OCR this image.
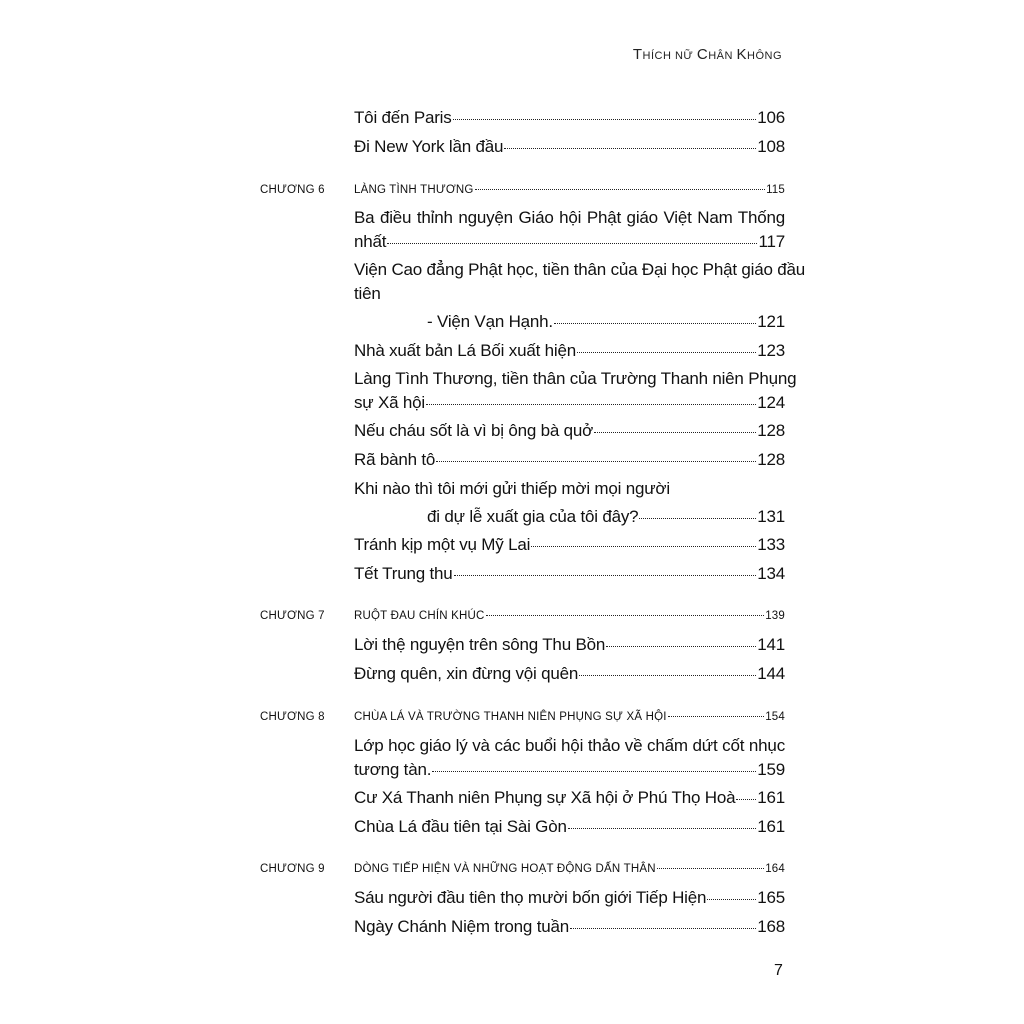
THÍCH NỮ CHÂN KHÔNG
Tôi đến Paris	106
Đi New York lần đầu	108
CHƯƠNG 6	LÀNG TÌNH THƯƠNG	115
Ba điều thỉnh nguyện Giáo hội Phật giáo Việt Nam Thống
nhất	117
Viện Cao đẳng Phật học, tiền thân của Đại học Phật giáo đầu
tiên
- Viện Vạn Hạnh.	121
Nhà xuất bản Lá Bối xuất hiện	123
Làng Tình Thương, tiền thân của Trường Thanh niên Phụng
sự Xã hội	124
Nếu cháu sốt là vì bị ông bà quở	128
Rã bành tô	128
Khi nào thì tôi mới gửi thiếp mời mọi người
đi dự lễ xuất gia của tôi đây?	131
Tránh kịp một vụ Mỹ Lai	133
Tết Trung thu	134
CHƯƠNG 7	RUỘT ĐAU CHÍN KHÚC	139
Lời thệ nguyện trên sông Thu Bồn	141
Đừng quên, xin đừng vội quên	144
CHƯƠNG 8	CHÙA LÁ VÀ TRƯỜNG THANH NIÊN PHỤNG SỰ XÃ HỘI	154
Lớp học giáo lý và các buổi hội thảo về chấm dứt cốt nhục
tương tàn.	159
Cư Xá Thanh niên Phụng sự Xã hội ở Phú Thọ Hoà 161
Chùa Lá đầu tiên tại Sài Gòn	161
CHƯƠNG 9	DÒNG TIẾP HIỆN VÀ NHỮNG HOẠT ĐỘNG DẤN THÂN	164
Sáu người đầu tiên thọ mười bốn giới Tiếp Hiện	165
Ngày Chánh Niệm trong tuần	168
7
